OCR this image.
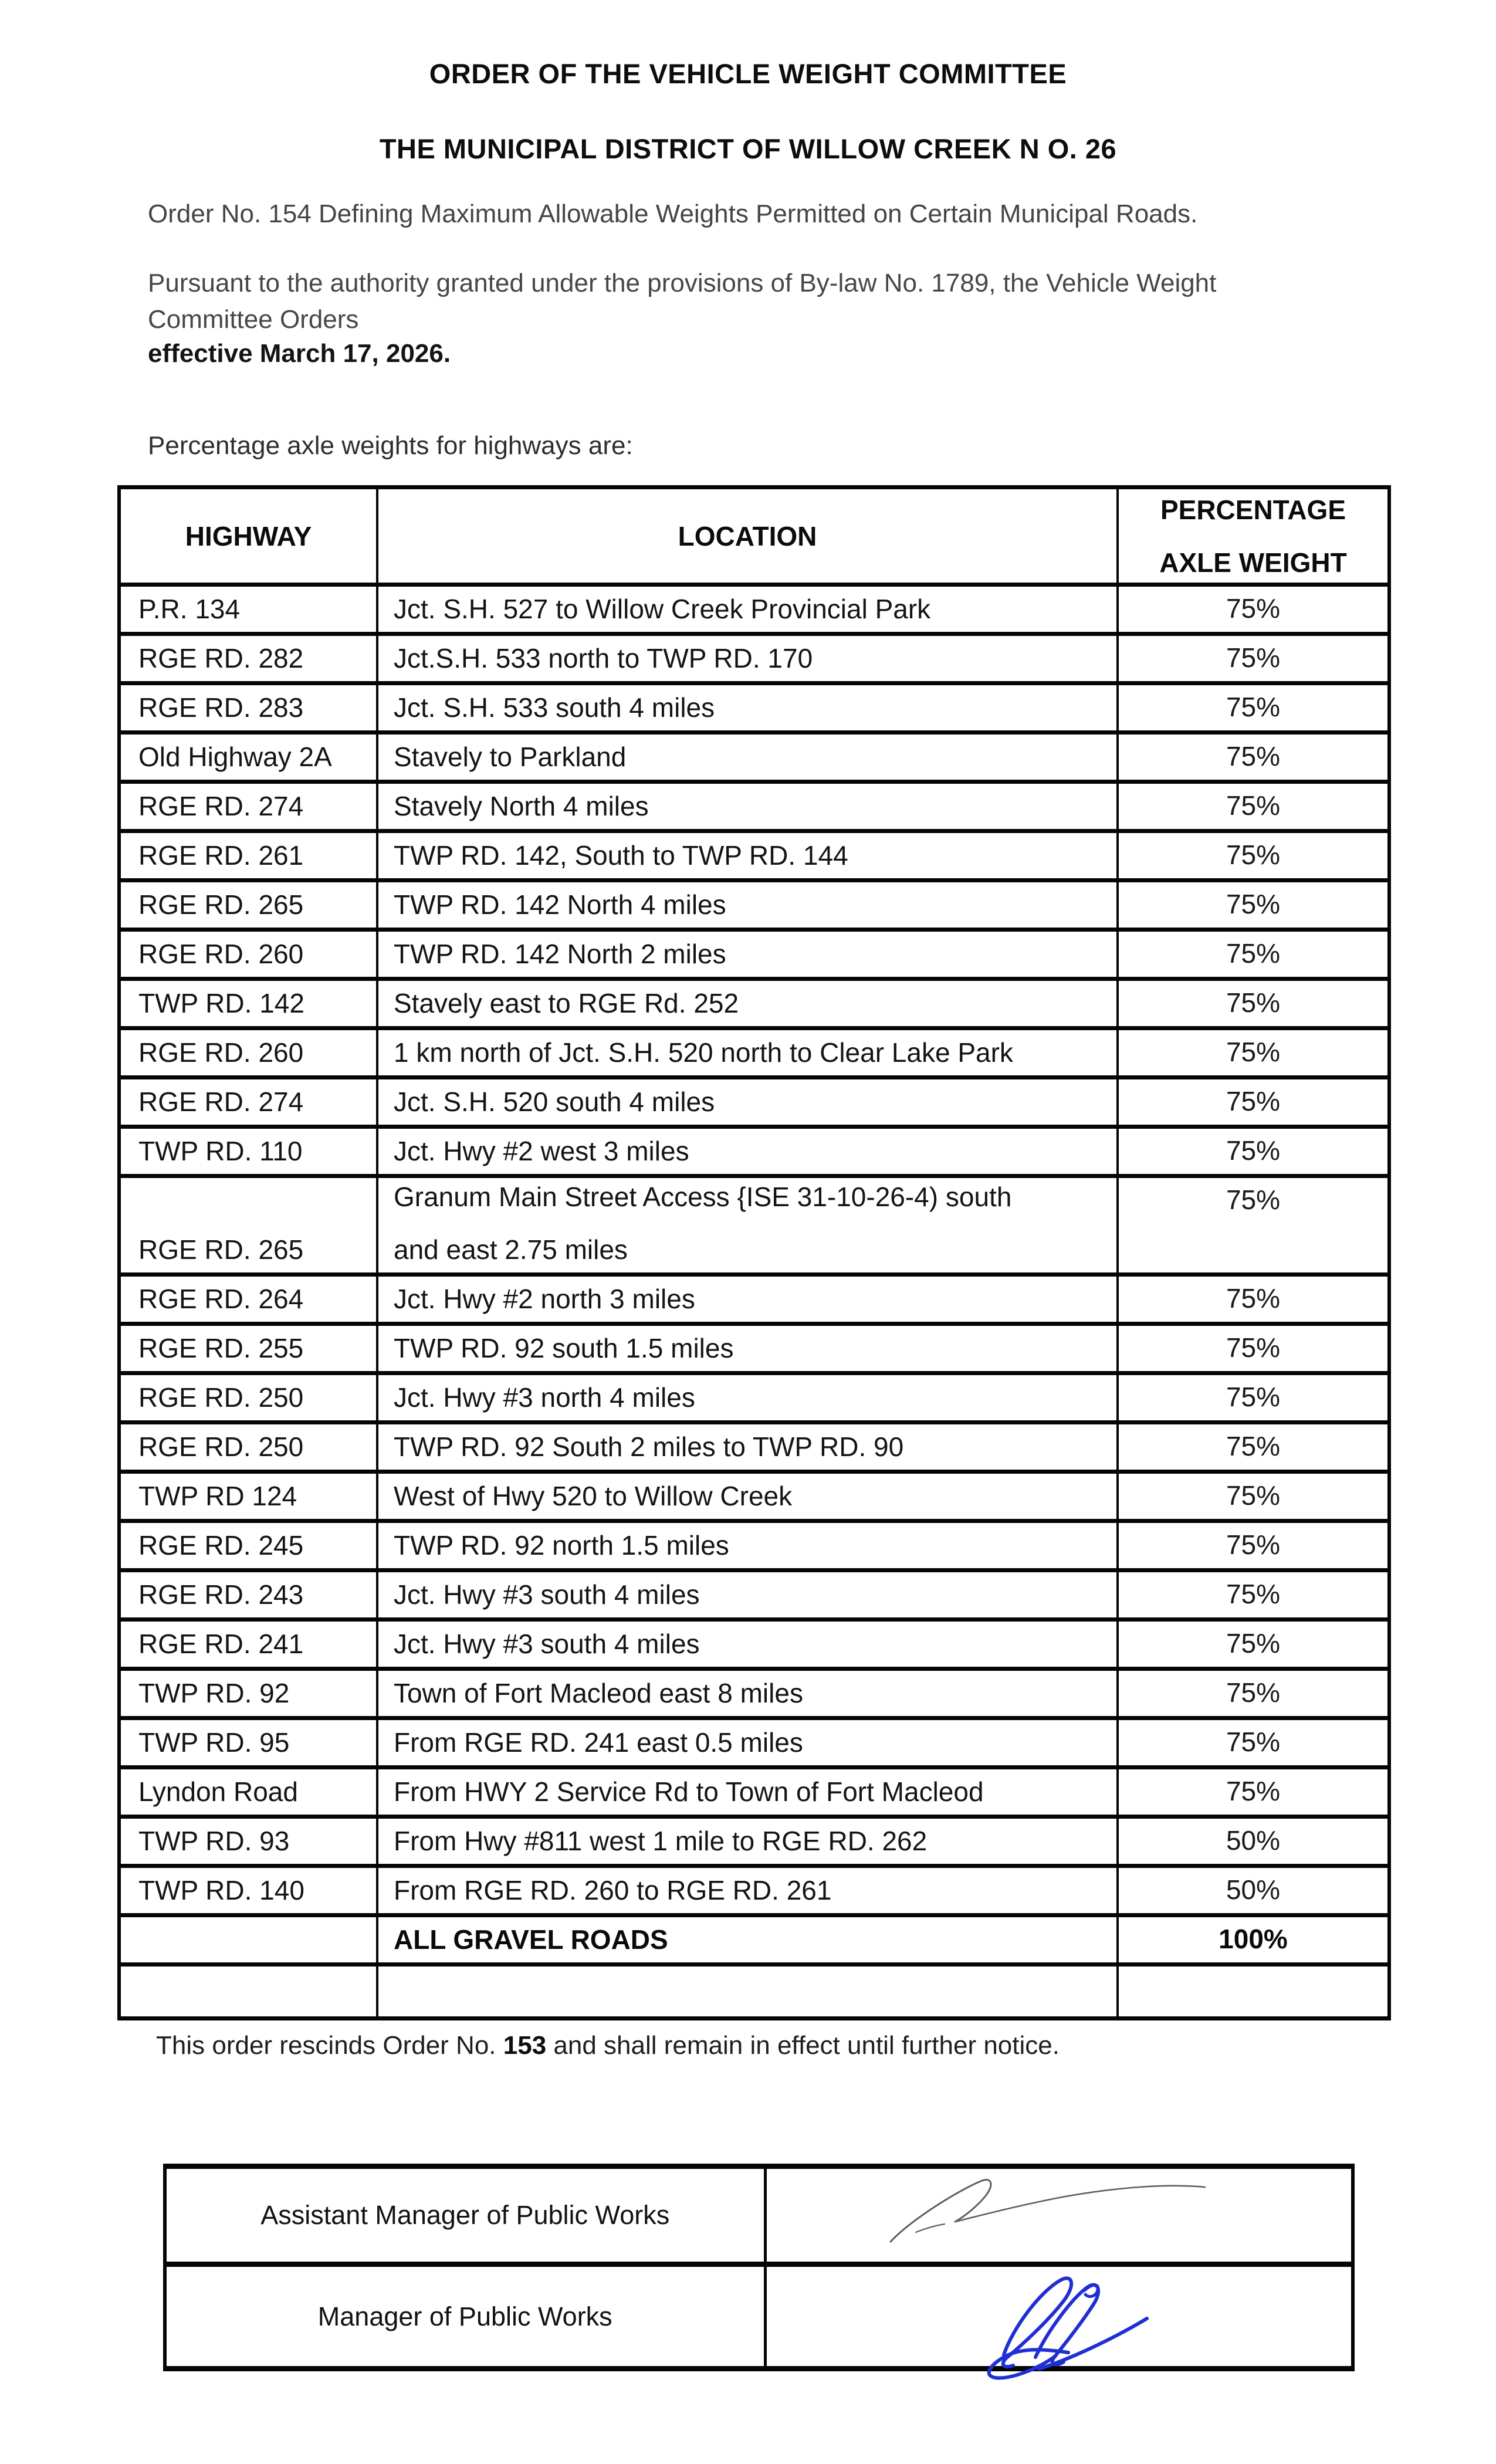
ORDER OF THE VEHICLE WEIGHT COMMITTEE
THE MUNICIPAL DISTRICT OF WILLOW CREEK N O. 26

Order No. 154 Defining Maximum Allowable Weights Permitted on Certain Municipal Roads.

Pursuant to the authority granted under the provisions of By-law No. 1789, the Vehicle Weight Committee Orders

effective March 17, 2026.

Percentage axle weights for highways are:

HIGHWAY	LOCATION	PERCENTAGE
AXLE WEIGHT

P.R. 134	Jct. S.H. 527 to Willow Creek Provincial Park	75%
RGE RD. 282	Jct.S.H. 533 north to TWP RD. 170	75%
RGE RD. 283	Jct. S.H. 533 south 4 miles	75%
Old Highway 2A	Stavely to Parkland	75%
RGE RD. 274	Stavely North 4 miles	75%
RGE RD. 261	TWP RD. 142, South to TWP RD. 144	75%
RGE RD. 265	TWP RD. 142 North 4 miles	75%
RGE RD. 260	TWP RD. 142 North 2 miles	75%
TWP RD. 142	Stavely east to RGE Rd. 252	75%
RGE RD. 260	1 km north of Jct. S.H. 520 north to Clear Lake Park	75%
RGE RD. 274	Jct. S.H. 520 south 4 miles	75%
TWP RD. 110	Jct. Hwy #2 west 3 miles	75%
RGE RD. 265	Granum Main Street Access {ISE 31-10-26-4) south
and east 2.75 miles	75%
RGE RD. 264	Jct. Hwy #2 north 3 miles	75%
RGE RD. 255	TWP RD. 92 south 1.5 miles	75%
RGE RD. 250	Jct. Hwy #3 north 4 miles	75%
RGE RD. 250	TWP RD. 92 South 2 miles to TWP RD. 90	75%
TWP RD 124	West of Hwy 520 to Willow Creek	75%
RGE RD. 245	TWP RD. 92 north 1.5 miles	75%
RGE RD. 243	Jct. Hwy #3 south 4 miles	75%
RGE RD. 241	Jct. Hwy #3 south 4 miles	75%
TWP RD. 92	Town of Fort Macleod east 8 miles	75%
TWP RD. 95	From RGE RD. 241 east 0.5 miles	75%
Lyndon Road	From HWY 2 Service Rd to Town of Fort Macleod	75%
TWP RD. 93	From Hwy #811 west 1 mile to RGE RD. 262	50%
TWP RD. 140	From RGE RD. 260 to RGE RD. 261	50%
	ALL GRAVEL ROADS	100%

This order rescinds Order No. 153 and shall remain in effect until further notice.

Assistant Manager of Public Works	

Manager of Public Works	
